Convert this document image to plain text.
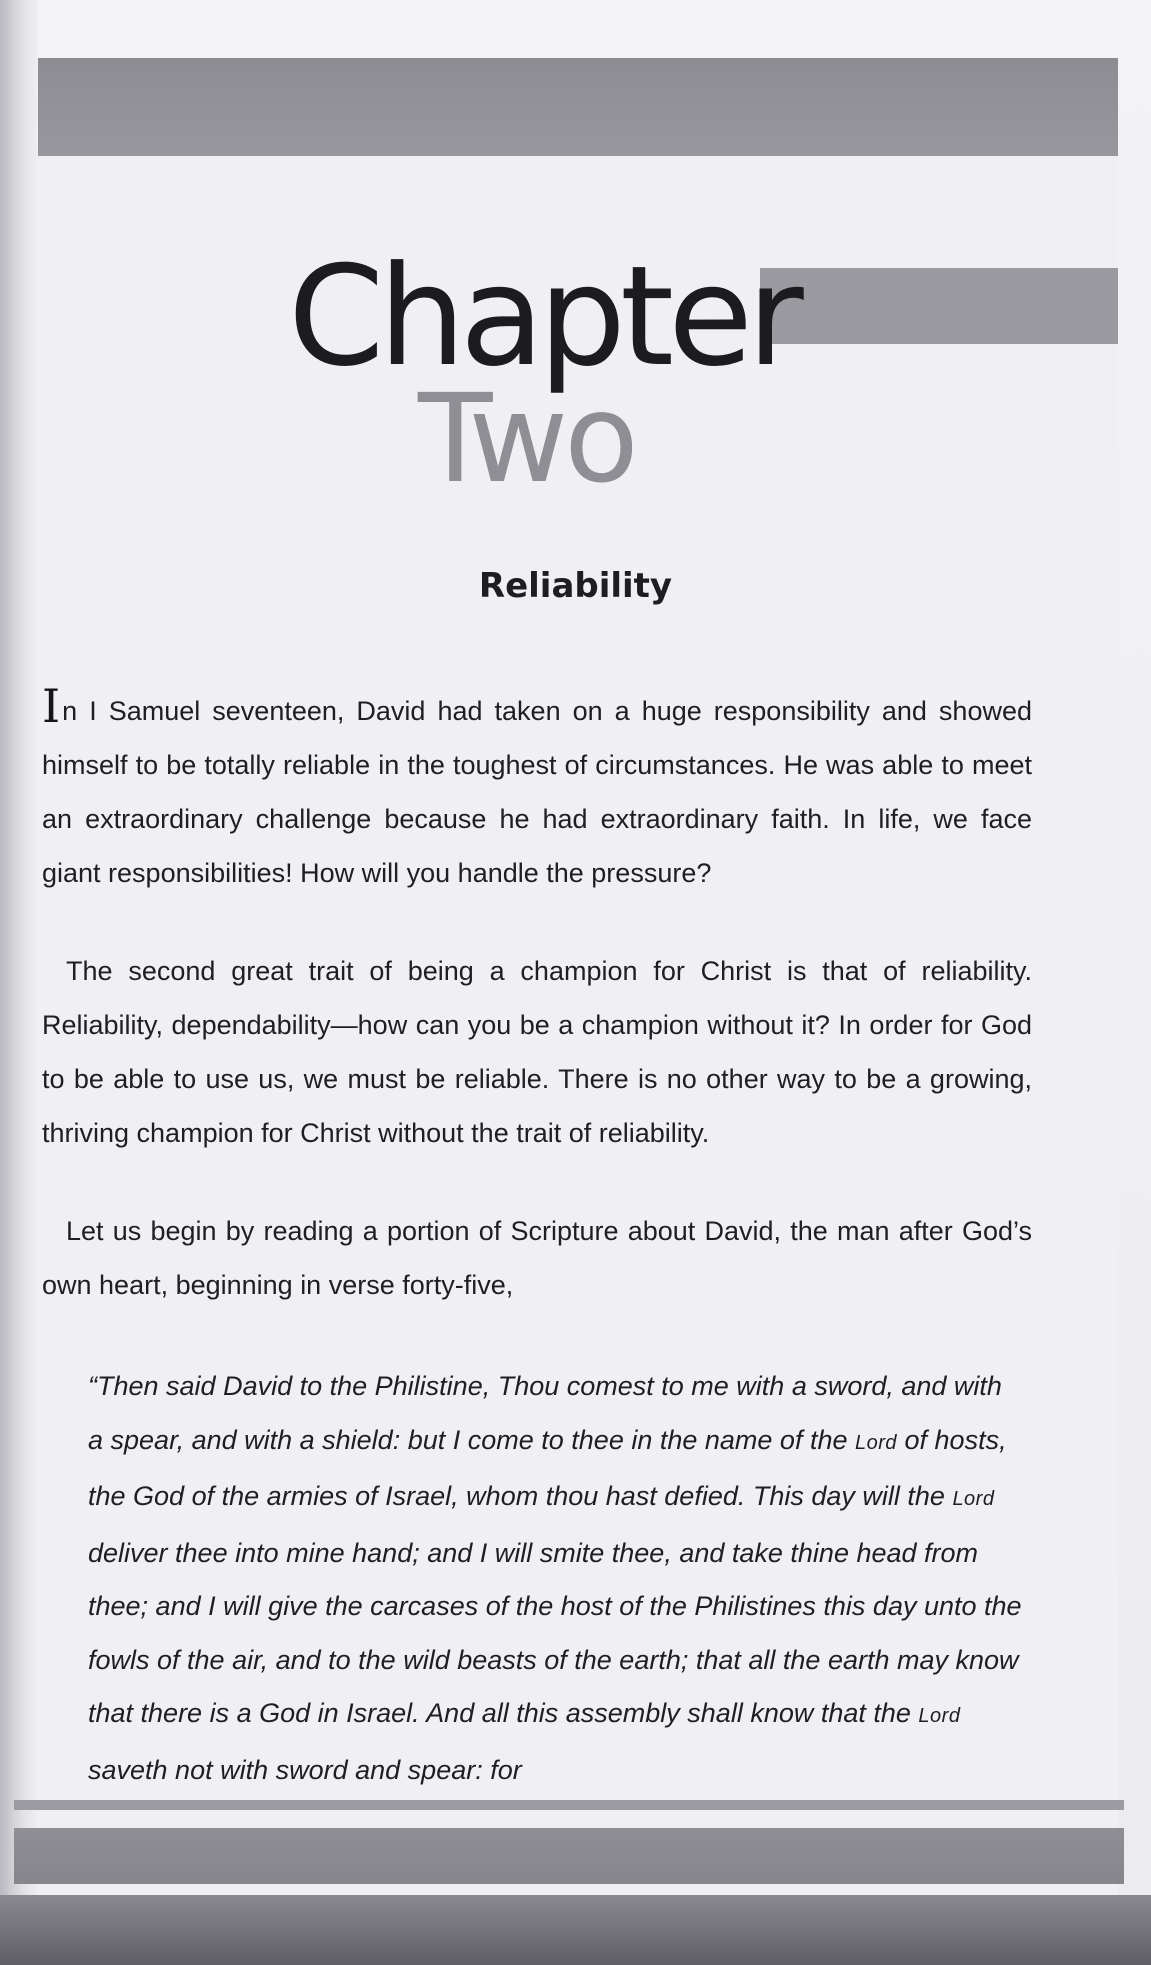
Chapter
Two
Reliability

In I Samuel seventeen, David had taken on a huge responsibility and showed himself to be totally reliable in the toughest of circumstances. He was able to meet an extraordinary challenge because he had extraordinary faith. In life, we face giant responsibilities! How will you handle the pressure?

The second great trait of being a champion for Christ is that of reliability. Reliability, dependability—how can you be a champion without it? In order for God to be able to use us, we must be reliable. There is no other way to be a growing, thriving champion for Christ without the trait of reliability.

Let us begin by reading a portion of Scripture about David, the man after God’s own heart, beginning in verse forty-five,

“Then said David to the Philistine, Thou comest to me with a sword, and with a spear, and with a shield: but I come to thee in the name of the Lord of hosts, the God of the armies of Israel, whom thou hast defied. This day will the Lord deliver thee into mine hand; and I will smite thee, and take thine head from thee; and I will give the carcases of the host of the Philistines this day unto the fowls of the air, and to the wild beasts of the earth; that all the earth may know that there is a God in Israel. And all this assembly shall know that the Lord saveth not with sword and spear: for
